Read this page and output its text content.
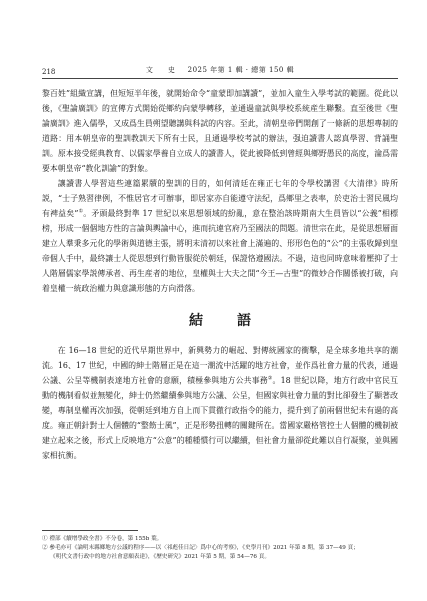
218	文　史 2025 年第 1 輯 · 總第 150 輯

黎百姓”組織宣講，但短短半年後，就開始命令“童蒙即加講讀”，並加入童生入學考試的範圍。從此以後，《聖論廣訓》的宣傳方式開始從鄉約向蒙學轉移，並通過童試與學校系統産生聯繫。直至後世《聖論廣訓》進入儒學，又成爲生員朔望聽講與科試的内容。至此，清朝皇帝們開創了一條新的思想專制的道路：用本朝皇帝的聖訓教訓天下所有士民，且通過學校考試的辦法，强迫讀書人認真學習、背誦聖訓。原本接受經典教育、以儒家學養自立成人的讀書人，從此被降低到曾經與鄉野愚民的高度，淪爲需要本朝皇帝“教化訓諭”的對象。

讓讀書人學習這些連篇累牘的聖訓的目的，如何清廷在雍正七年的令學校講習《大清律》時所説，“士子熟習律例，不惟居官才可辦事，即居家亦自能遵守法紀，爲鄉里之表率，於吏治士習民風均有裨益矣”①。矛頭最終對準 17 世紀以來思想領域的紛亂，意在整治該時期南大生員皆以“公義”相標榜，形成一個個地方性的言論與輿論中心，進而抗違官府乃至國法的問題。清世宗在此，是從思想層面建立人羣秉多元化的學術與道德主張，將明末清初以來社會上滿遍的、形形色色的“公”的主張收歸到皇帝個人手中，最終讓士人從思想到行動皆服從於朝廷，保證恪遵國法。不過，這也同時意味着壓抑了士人階層儒家學説傳承者、再生産者的地位，皇權與士大夫之間“今王—古聖”的微妙合作關係被打破，向着皇權一統政治權力與意識形態的方向滑落。

結　語

在 16—18 世紀的近代早期世界中，新興勢力的崛起、對傳統國家的衝擊，是全球多地共享的潮流。16、17 世紀，中國的紳士階層正是在這一潮流中活躍的地方社會，並作爲社會力量的代表，通過公議、公呈等機制表達地方社會的意願，積極參與地方公共事務②。18 世紀以降，地方行政中官民互動的機制看似並無變化，紳士仍然繼續參與地方公議、公呈，但國家與社會力量的對比卻發生了顯著改變，專制皇權再次加强，從朝廷到地方自上而下貫徹行政指令的能力，提升到了前兩個世紀未有過的高度。雍正朝針對士人個體的“整飭士風”，正是形勢扭轉的關鍵所在。當國家嚴格管控士人個體的機制被建立起來之後，形式上反映地方“公意”的種種慣行可以繼續，但社會力量卻從此難以自行凝聚，並與國家相抗衡。

① 禮部《續增學政全書》不分卷，第 155b 葉。

② 參毛亦可《論明末縣鄉地方公議的程序——以〈祁彪佳日記〉爲中心的考察》，《史學月刊》2021 年第 8 期，第 37—49 頁；

《明代文書行政中的地方社會意願表達》，《歷史研究》2021 年第 5 期，第 54—76 頁。
